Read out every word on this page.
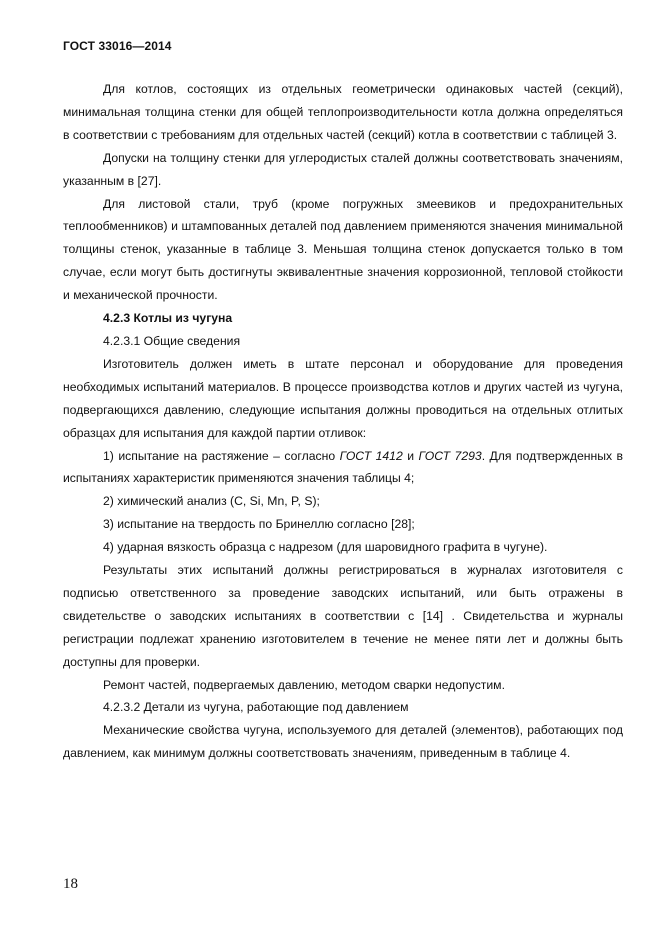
ГОСТ 33016—2014

Для котлов, состоящих из отдельных геометрически одинаковых частей (секций), минимальная толщина стенки для общей теплопроизводительности котла должна определяться в соответствии с требованиям для отдельных частей (секций) котла в соответствии с таблицей 3.

Допуски на толщину стенки для углеродистых сталей должны соответствовать значениям, указанным в [27].

Для листовой стали, труб (кроме погружных змеевиков и предохранительных теплообменников) и штампованных деталей под давлением применяются значения минимальной толщины стенок, указанные в таблице 3. Меньшая толщина стенок допускается только в том случае, если могут быть достигнуты эквивалентные значения коррозионной, тепловой стойкости и механической прочности.

4.2.3 Котлы из чугуна

4.2.3.1 Общие сведения

Изготовитель должен иметь в штате персонал и оборудование для проведения необходимых испытаний материалов. В процессе производства котлов и других частей из чугуна, подвергающихся давлению, следующие испытания должны проводиться на отдельных отлитых образцах для испытания для каждой партии отливок:

1) испытание на растяжение – согласно ГОСТ 1412 и ГОСТ 7293. Для подтвержденных в испытаниях характеристик применяются значения таблицы 4;

2) химический анализ (C, Si, Mn, P, S);

3) испытание на твердость по Бринеллю согласно [28];

4) ударная вязкость образца с надрезом (для шаровидного графита в чугуне).

Результаты этих испытаний должны регистрироваться в журналах изготовителя с подписью ответственного за проведение заводских испытаний, или быть отражены в свидетельстве о заводских испытаниях в соответствии с [14] . Свидетельства и журналы регистрации подлежат хранению изготовителем в течение не менее пяти лет и должны быть доступны для проверки.

Ремонт частей, подвергаемых давлению, методом сварки недопустим.

4.2.3.2 Детали из чугуна, работающие под давлением

Механические свойства чугуна, используемого для деталей (элементов), работающих под давлением, как минимум должны соответствовать значениям, приведенным в таблице 4.

18
